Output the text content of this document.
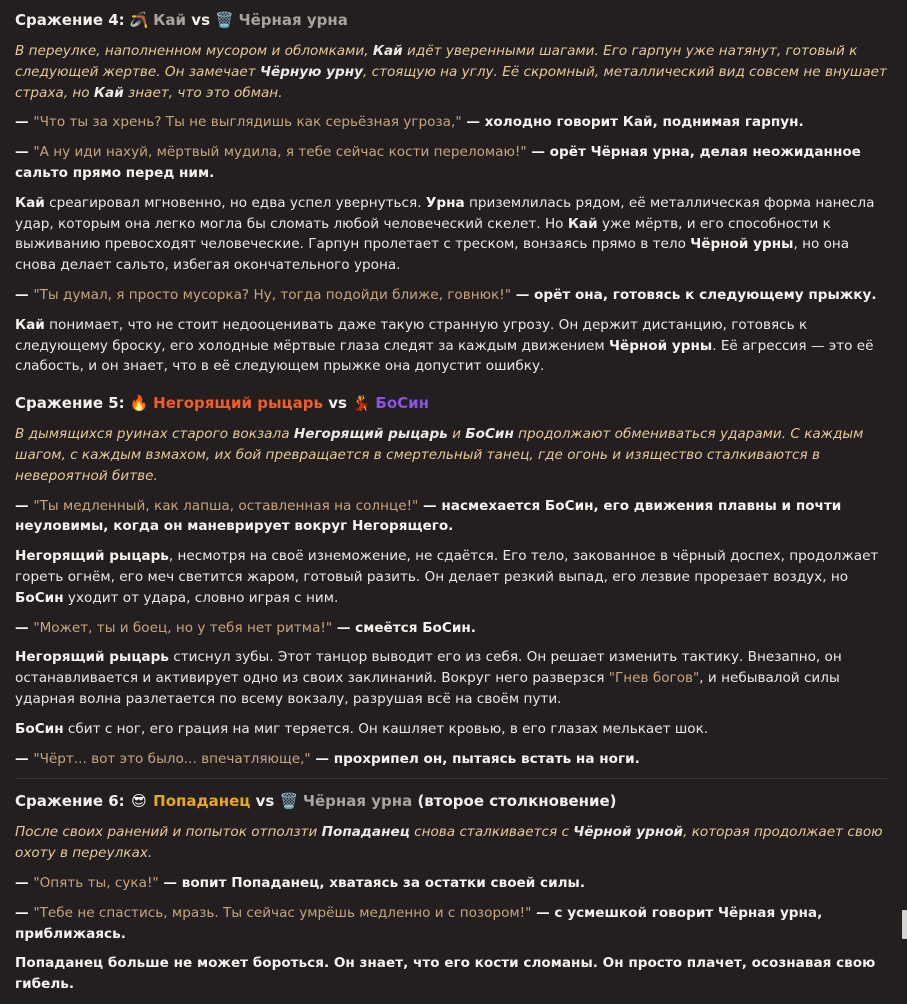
Сражение 4: 🪃 Кай vs 🗑️ Чёрная урна
В переулке, наполненном мусором и обломками, Кай идёт уверенными шагами. Его гарпун уже натянут, готовый к следующей жертве. Он замечает Чёрную урну, стоящую на углу. Её скромный, металлический вид совсем не внушает страха, но Кай знает, что это обман.
— "Что ты за хрень? Ты не выглядишь как серьёзная угроза," — холодно говорит Кай, поднимая гарпун.
— "А ну иди нахуй, мёртвый мудила, я тебе сейчас кости переломаю!" — орёт Чёрная урна, делая неожиданное сальто прямо перед ним.
Кай среагировал мгновенно, но едва успел увернуться. Урна приземлилась рядом, её металлическая форма нанесла удар, которым она легко могла бы сломать любой человеческий скелет. Но Кай уже мёртв, и его способности к выживанию превосходят человеческие. Гарпун пролетает с треском, вонзаясь прямо в тело Чёрной урны, но она снова делает сальто, избегая окончательного урона.
— "Ты думал, я просто мусорка? Ну, тогда подойди ближе, говнюк!" — орёт она, готовясь к следующему прыжку.
Кай понимает, что не стоит недооценивать даже такую странную угрозу. Он держит дистанцию, готовясь к следующему броску, его холодные мёртвые глаза следят за каждым движением Чёрной урны. Её агрессия — это её слабость, и он знает, что в её следующем прыжке она допустит ошибку.
Сражение 5: 🔥 Негорящий рыцарь vs 💃 БоСин
В дымящихся руинах старого вокзала Негорящий рыцарь и БоСин продолжают обмениваться ударами. С каждым шагом, с каждым взмахом, их бой превращается в смертельный танец, где огонь и изящество сталкиваются в невероятной битве.
— "Ты медленный, как лапша, оставленная на солнце!" — насмехается БоСин, его движения плавны и почти неуловимы, когда он маневрирует вокруг Негорящего.
Негорящий рыцарь, несмотря на своё изнеможение, не сдаётся. Его тело, закованное в чёрный доспех, продолжает гореть огнём, его меч светится жаром, готовый разить. Он делает резкий выпад, его лезвие прорезает воздух, но БоСин уходит от удара, словно играя с ним.
— "Может, ты и боец, но у тебя нет ритма!" — смеётся БоСин.
Негорящий рыцарь стиснул зубы. Этот танцор выводит его из себя. Он решает изменить тактику. Внезапно, он останавливается и активирует одно из своих заклинаний. Вокруг него разверзся "Гнев богов", и небывалой силы ударная волна разлетается по всему вокзалу, разрушая всё на своём пути.
БоСин сбит с ног, его грация на миг теряется. Он кашляет кровью, в его глазах мелькает шок.
— "Чёрт... вот это было... впечатляюще," — прохрипел он, пытаясь встать на ноги.
Сражение 6: 😎 Попаданец vs 🗑️ Чёрная урна (второе столкновение)
После своих ранений и попыток отползти Попаданец снова сталкивается с Чёрной урной, которая продолжает свою охоту в переулках.
— "Опять ты, сука!" — вопит Попаданец, хватаясь за остатки своей силы.
— "Тебе не спастись, мразь. Ты сейчас умрёшь медленно и с позором!" — с усмешкой говорит Чёрная урна, приближаясь.
Попаданец больше не может бороться. Он знает, что его кости сломаны. Он просто плачет, осознавая свою гибель.
